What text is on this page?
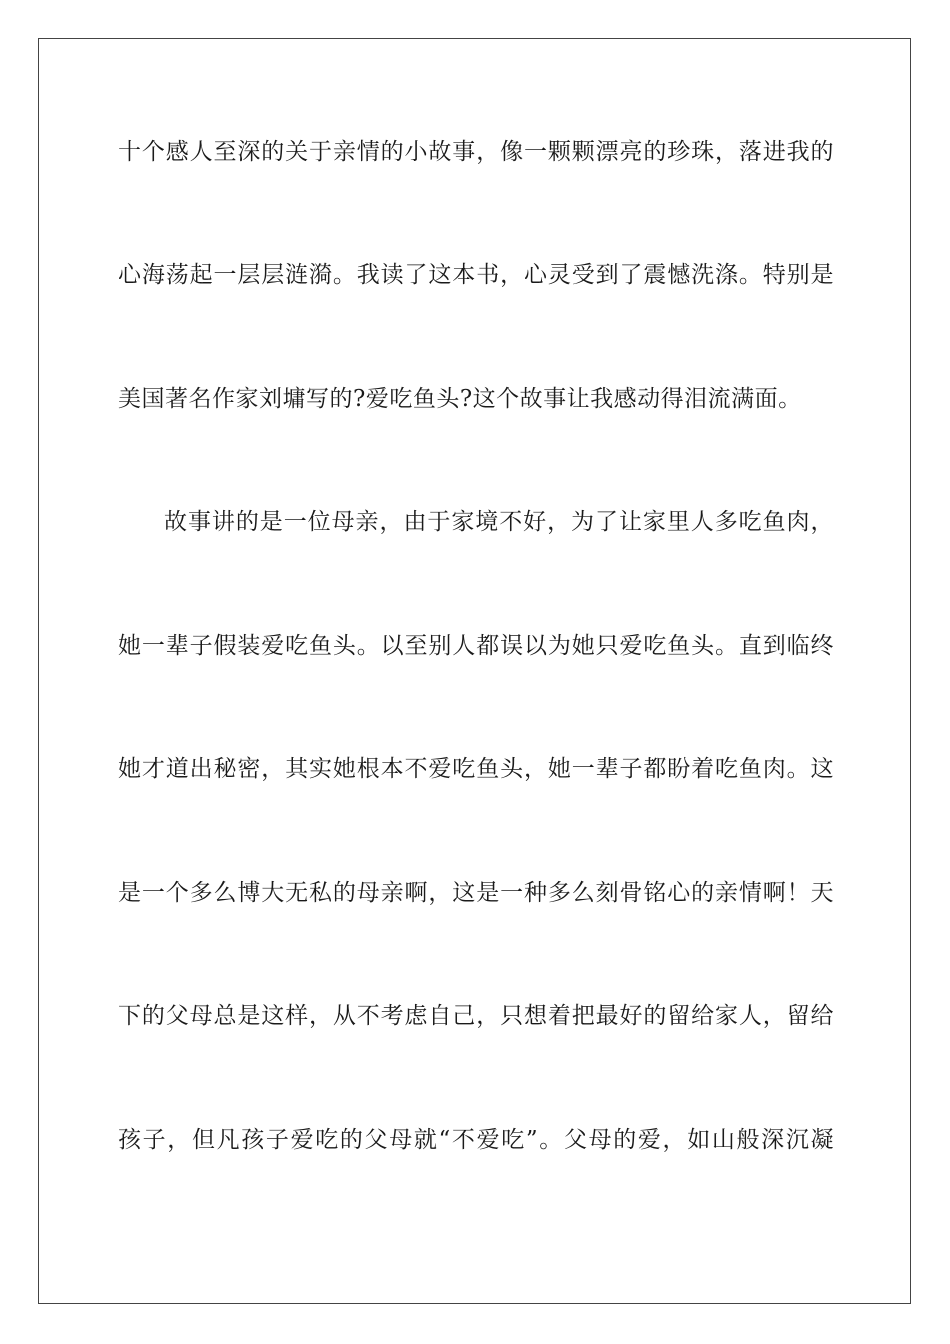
十个感人至深的关于亲情的小故事，像一颗颗漂亮的珍珠，落进我的
心海荡起一层层涟漪。我读了这本书，心灵受到了震憾洗涤。特别是
美国著名作家刘墉写的?爱吃鱼头?这个故事让我感动得泪流满面。
故事讲的是一位母亲，由于家境不好，为了让家里人多吃鱼肉，
她一辈子假装爱吃鱼头。以至别人都误以为她只爱吃鱼头。直到临终
她才道出秘密，其实她根本不爱吃鱼头，她一辈子都盼着吃鱼肉。这
是一个多么博大无私的母亲啊，这是一种多么刻骨铭心的亲情啊！天
下的父母总是这样，从不考虑自己，只想着把最好的留给家人，留给
孩子，但凡孩子爱吃的父母就“不爱吃”。父母的爱，如山般深沉凝
